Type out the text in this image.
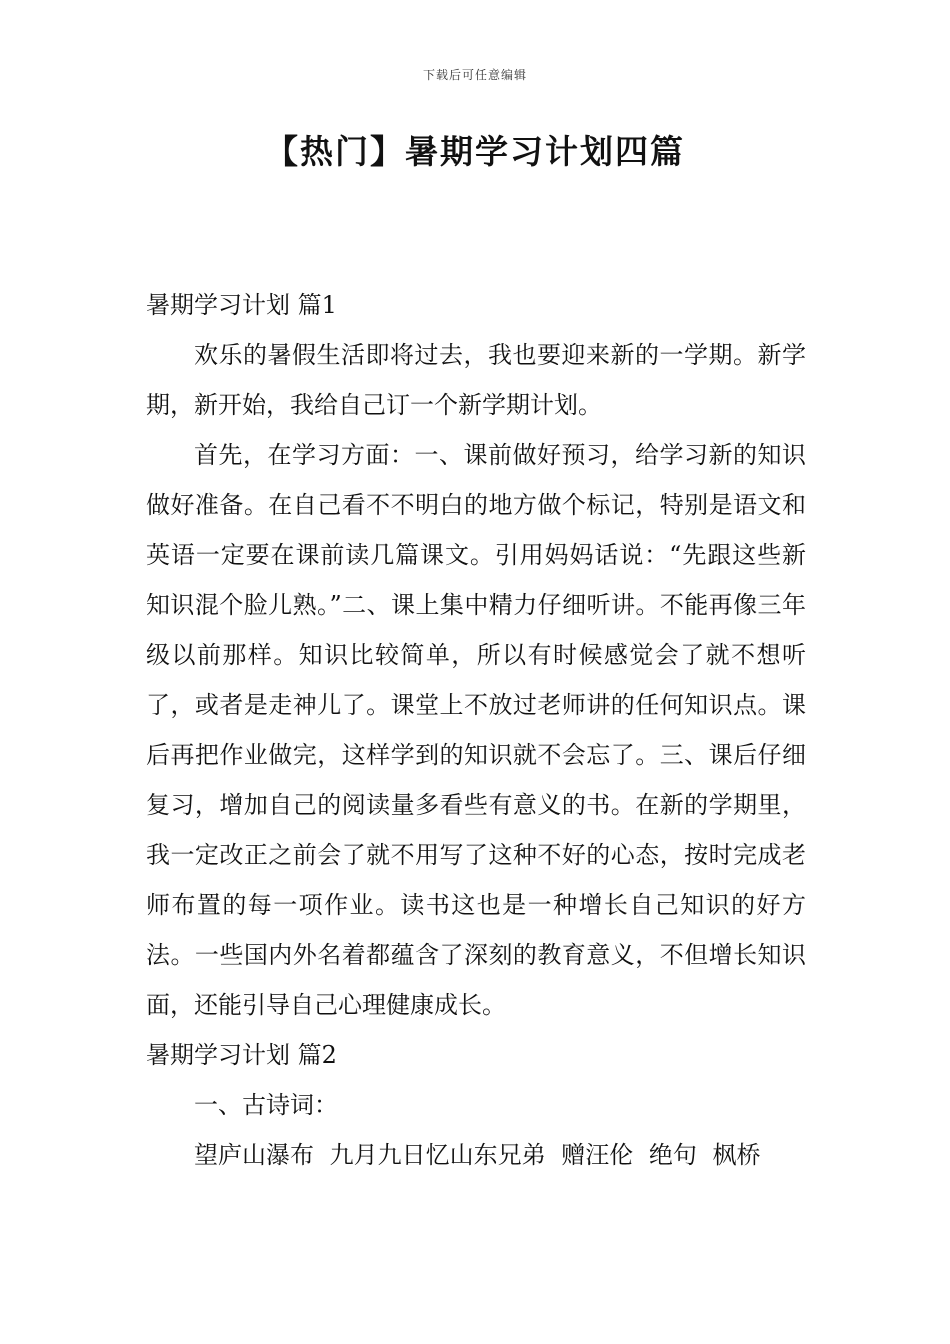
下载后可任意编辑
【热门】暑期学习计划四篇
暑期学习计划 篇1

欢乐的暑假生活即将过去，我也要迎来新的一学期。新学期，新开始，我给自己订一个新学期计划。

首先，在学习方面：一、课前做好预习，给学习新的知识做好准备。在自己看不不明白的地方做个标记，特别是语文和英语一定要在课前读几篇课文。引用妈妈话说：“先跟这些新知识混个脸儿熟。”二、课上集中精力仔细听讲。不能再像三年级以前那样。知识比较简单，所以有时候感觉会了就不想听了，或者是走神儿了。课堂上不放过老师讲的任何知识点。课后再把作业做完，这样学到的知识就不会忘了。三、课后仔细复习，增加自己的阅读量多看些有意义的书。在新的学期里，我一定改正之前会了就不用写了这种不好的心态，按时完成老师布置的每一项作业。读书这也是一种增长自己知识的好方法。一些国内外名着都蕴含了深刻的教育意义，不但增长知识面，还能引导自己心理健康成长。

暑期学习计划 篇2

一、古诗词：

望庐山瀑布 九月九日忆山东兄弟 赠汪伦 绝句 枫桥
